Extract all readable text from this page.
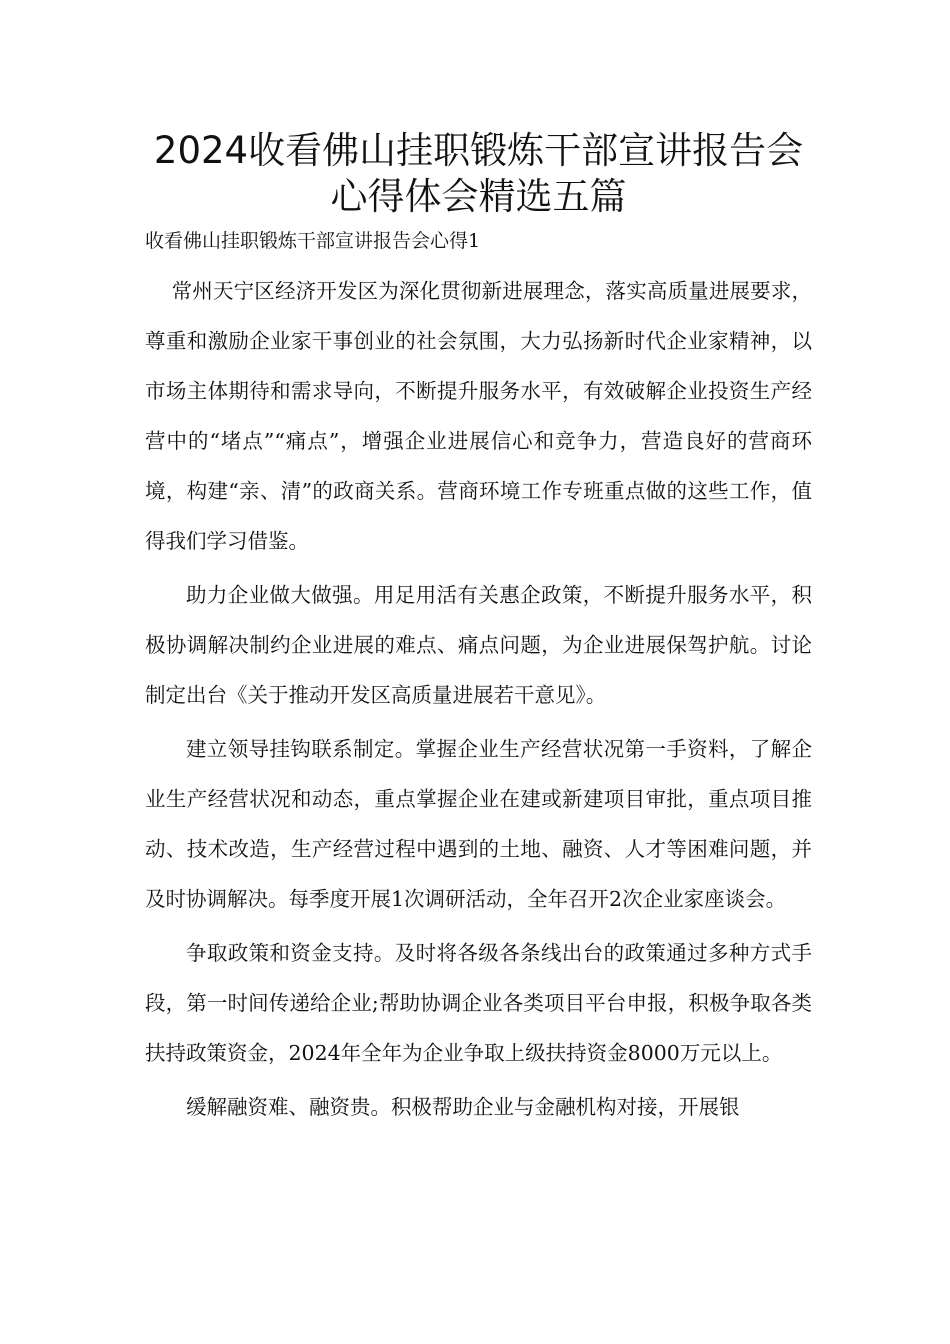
2024收看佛山挂职锻炼干部宣讲报告会
心得体会精选五篇

收看佛山挂职锻炼干部宣讲报告会心得1

常州天宁区经济开发区为深化贯彻新进展理念，落实高质量进展要求，尊重和激励企业家干事创业的社会氛围，大力弘扬新时代企业家精神，以市场主体期待和需求导向，不断提升服务水平，有效破解企业投资生产经营中的“堵点”“痛点”，增强企业进展信心和竞争力，营造良好的营商环境，构建“亲、清”的政商关系。营商环境工作专班重点做的这些工作，值得我们学习借鉴。

助力企业做大做强。用足用活有关惠企政策，不断提升服务水平，积极协调解决制约企业进展的难点、痛点问题，为企业进展保驾护航。讨论制定出台《关于推动开发区高质量进展若干意见》。

建立领导挂钩联系制定。掌握企业生产经营状况第一手资料，了解企业生产经营状况和动态，重点掌握企业在建或新建项目审批，重点项目推动、技术改造，生产经营过程中遇到的土地、融资、人才等困难问题，并及时协调解决。每季度开展1次调研活动，全年召开2次企业家座谈会。

争取政策和资金支持。及时将各级各条线出台的政策通过多种方式手段，第一时间传递给企业;帮助协调企业各类项目平台申报，积极争取各类扶持政策资金，2024年全年为企业争取上级扶持资金8000万元以上。

缓解融资难、融资贵。积极帮助企业与金融机构对接，开展银
